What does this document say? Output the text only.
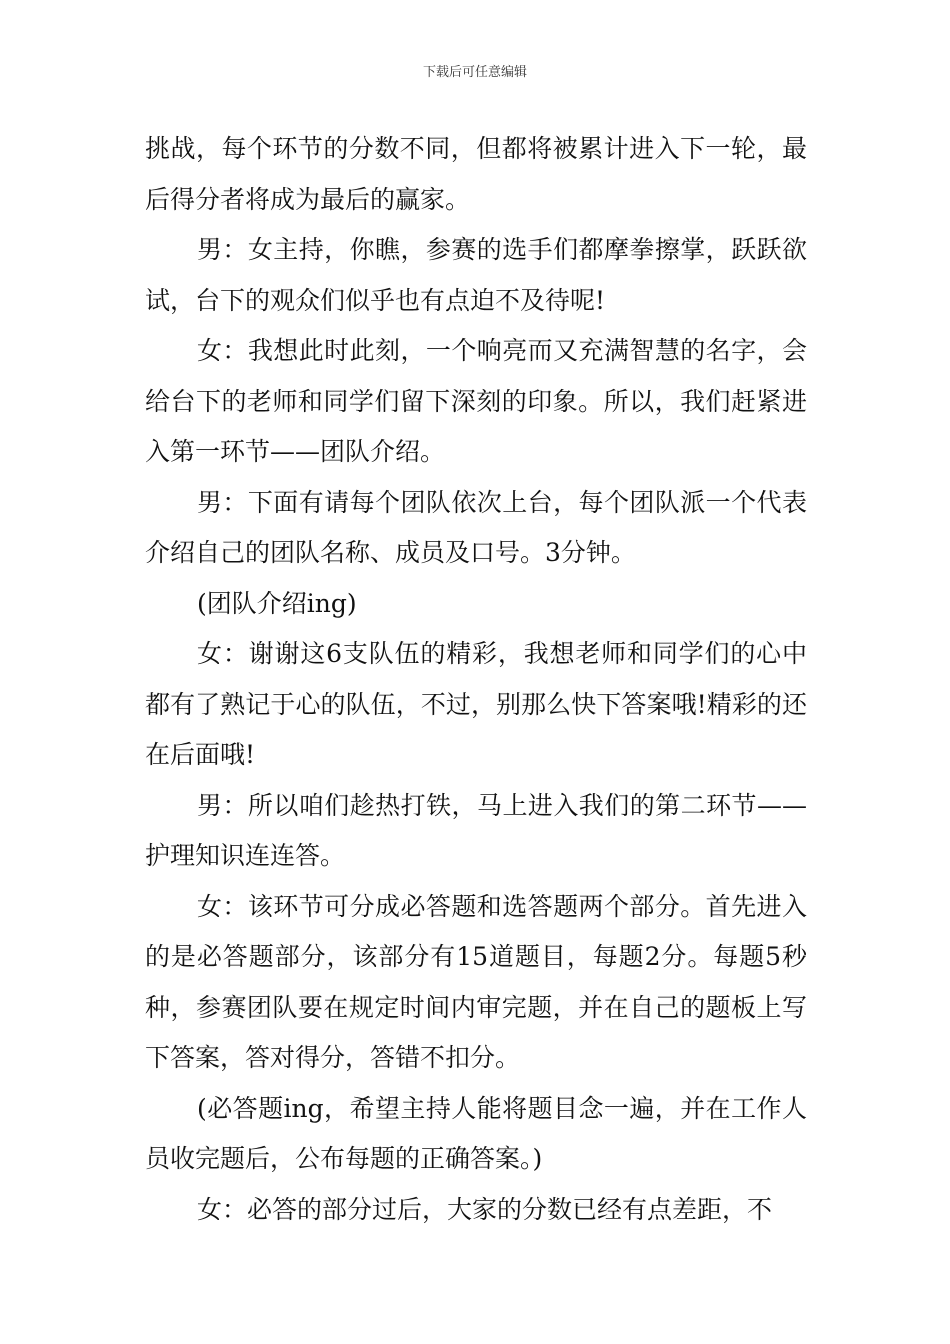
下载后可任意编辑

挑战，每个环节的分数不同，但都将被累计进入下一轮，最后得分者将成为最后的赢家。

男：女主持，你瞧，参赛的选手们都摩拳擦掌，跃跃欲试，台下的观众们似乎也有点迫不及待呢!

女：我想此时此刻，一个响亮而又充满智慧的名字，会给台下的老师和同学们留下深刻的印象。所以，我们赶紧进入第一环节——团队介绍。

男：下面有请每个团队依次上台，每个团队派一个代表介绍自己的团队名称、成员及口号。3分钟。

(团队介绍ing)

女：谢谢这6支队伍的精彩，我想老师和同学们的心中都有了熟记于心的队伍，不过，别那么快下答案哦!精彩的还在后面哦!

男：所以咱们趁热打铁，马上进入我们的第二环节——护理知识连连答。

女：该环节可分成必答题和选答题两个部分。首先进入的是必答题部分，该部分有15道题目，每题2分。每题5秒种，参赛团队要在规定时间内审完题，并在自己的题板上写下答案，答对得分，答错不扣分。

(必答题ing，希望主持人能将题目念一遍，并在工作人员收完题后，公布每题的正确答案。)

女：必答的部分过后，大家的分数已经有点差距，不
